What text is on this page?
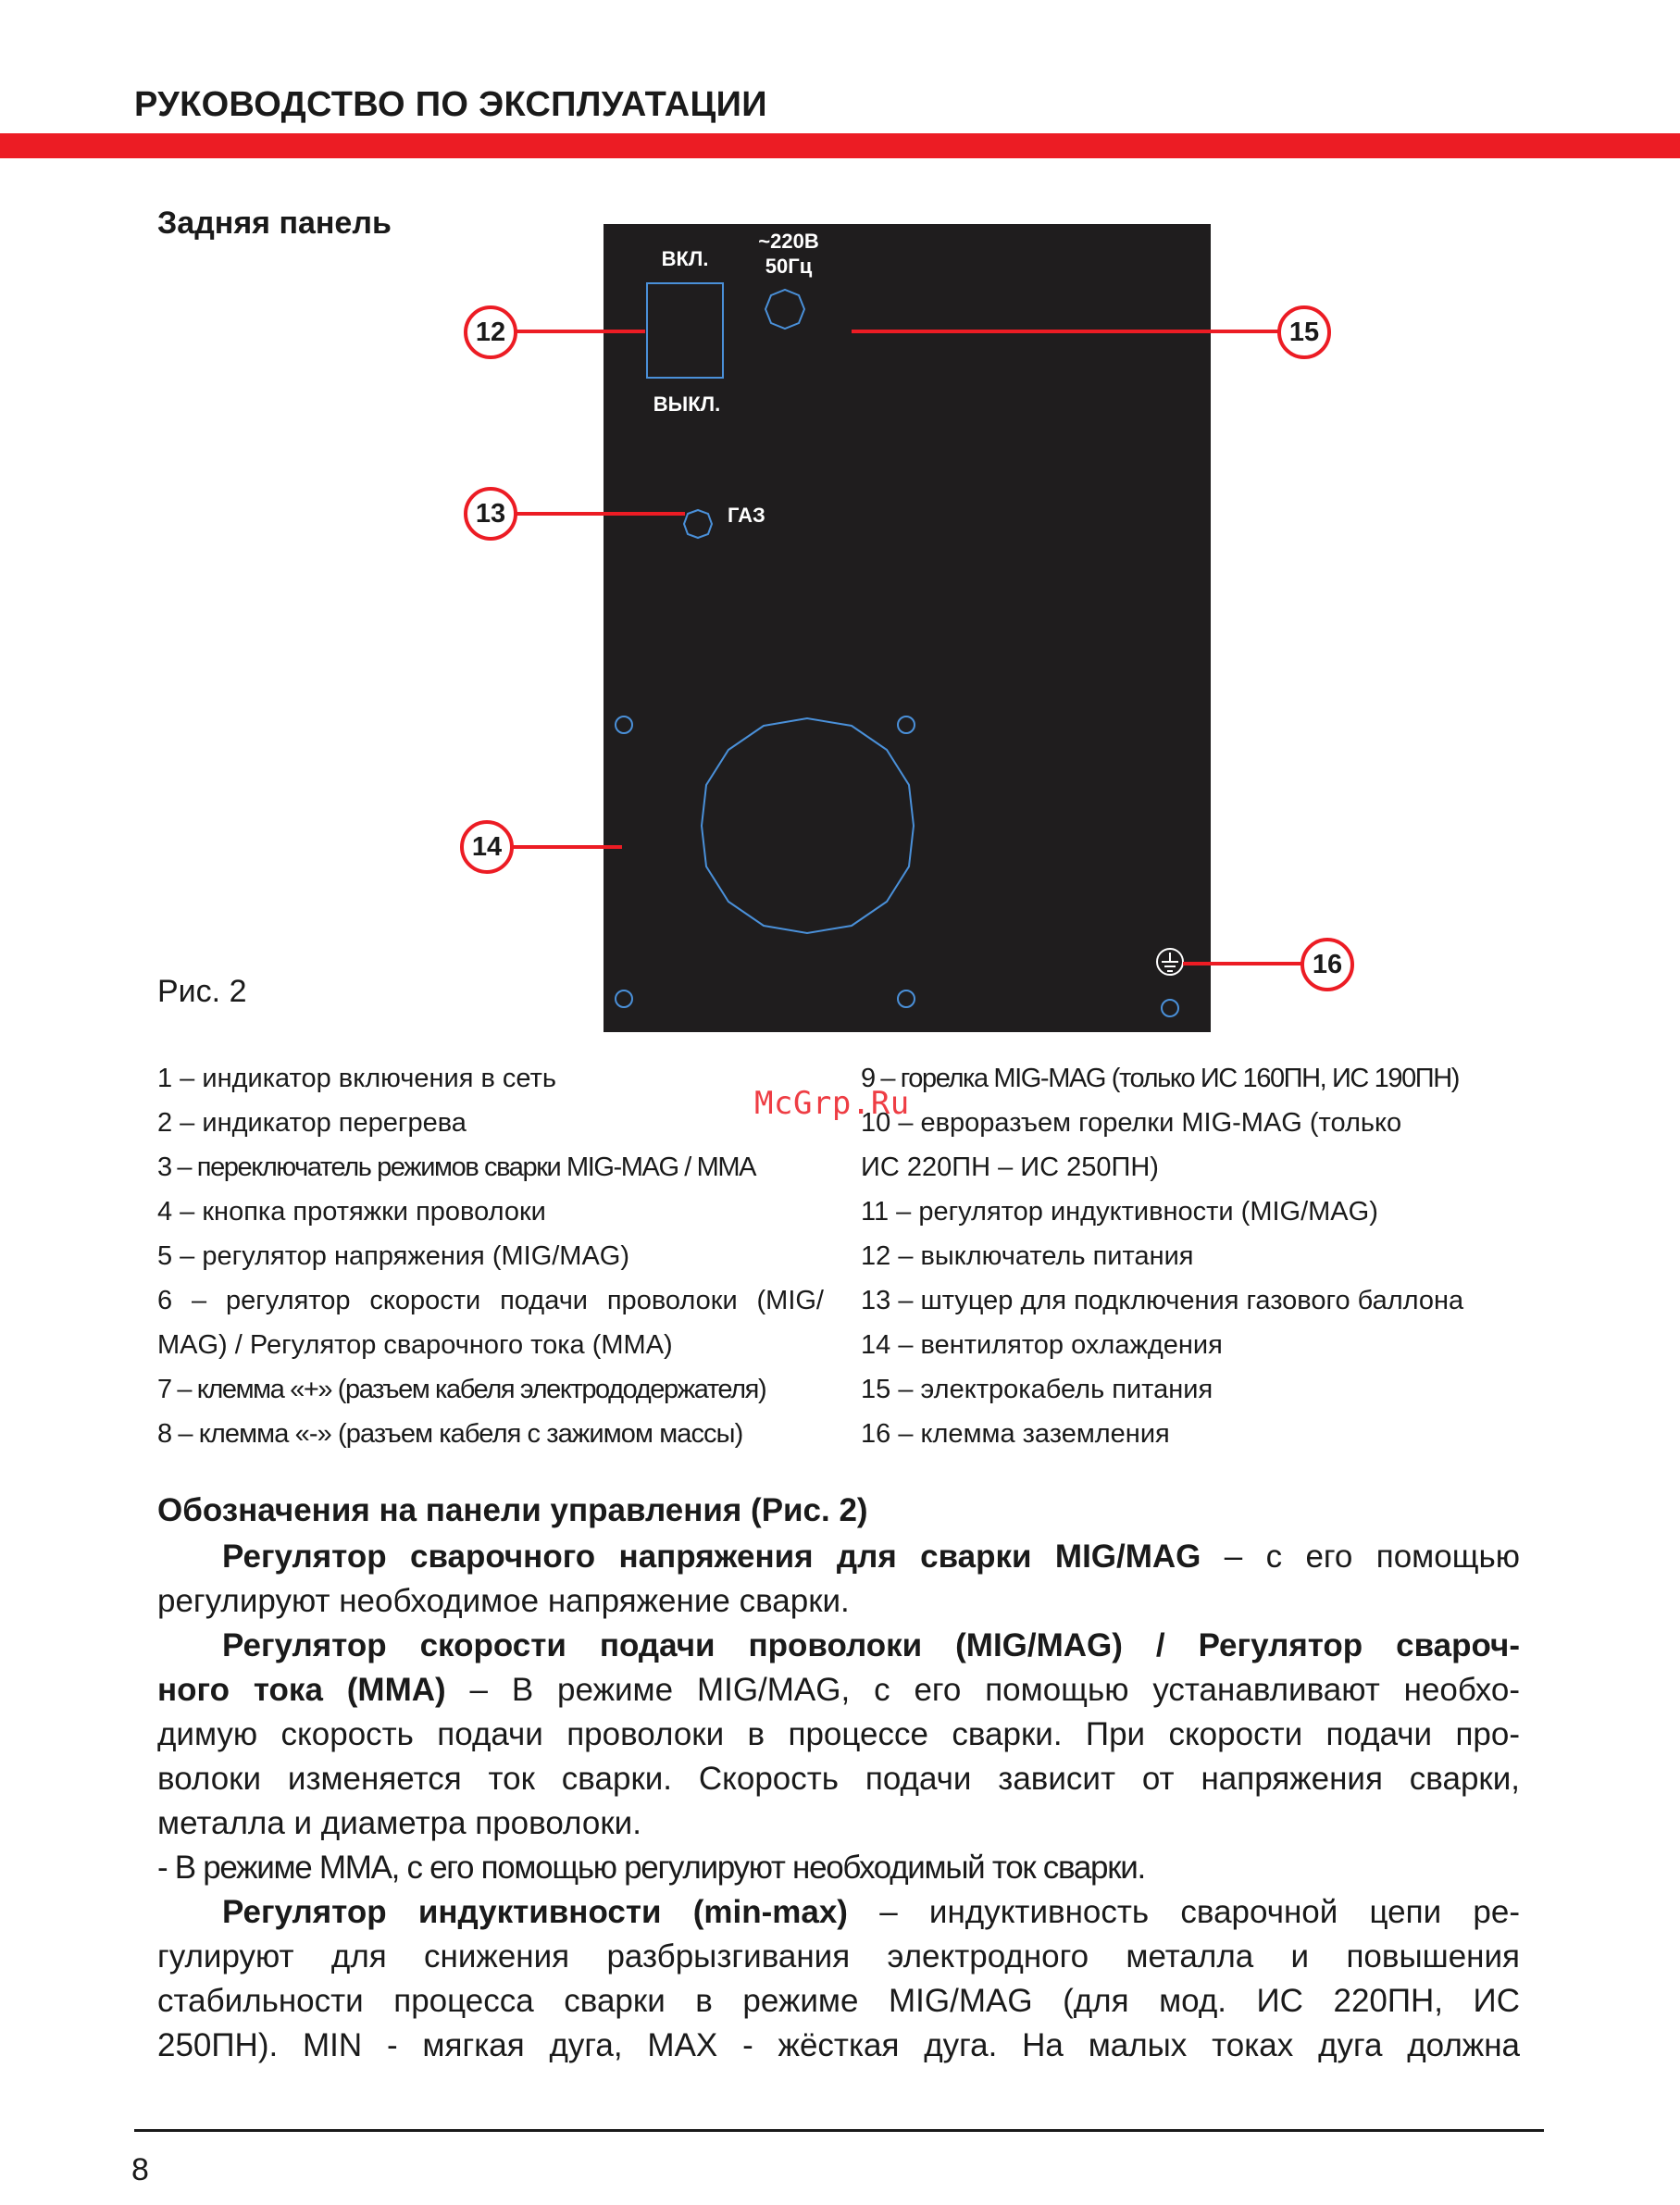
РУКОВОДСТВО ПО ЭКСПЛУАТАЦИИ
Задняя панель
ВКЛ.
ВЫКЛ.
~220В
50Гц
ГАЗ
12
13
14
15
16
Рис. 2
1 – индикатор включения в сеть
2 – индикатор перегрева
3 – переключатель режимов сварки MIG-MAG / MMA
4 – кнопка протяжки проволоки
5 – регулятор напряжения (MIG/MAG)
6 – регулятор скорости подачи проволоки (MIG/
MAG) / Регулятор сварочного тока (MMA)
7 – клемма «+» (разъем кабеля электрододержателя)
8 – клемма «-» (разъем кабеля с зажимом массы)
9 – горелка MIG-MAG (только ИС 160ПН, ИС 190ПН)
10 – евроразъем горелки MIG-MAG (только
ИС 220ПН – ИС 250ПН)
11 – регулятор индуктивности (MIG/MAG)
12 – выключатель питания
13 – штуцер для подключения газового баллона
14 – вентилятор охлаждения
15 – электрокабель питания
16 – клемма заземления
McGrp.Ru
Обозначения на панели управления (Рис. 2)
Регулятор сварочного напряжения для сварки MIG/MAG – с его помощью
регулируют необходимое напряжение сварки.
Регулятор скорости подачи проволоки (MIG/MAG) / Регулятор свароч-
ного тока (MMA) – В режиме MIG/MAG, с его помощью устанавливают необхо-
димую скорость подачи проволоки в процессе сварки. При скорости подачи про-
волоки изменяется ток сварки. Скорость подачи зависит от напряжения сварки,
металла и диаметра проволоки.
- В режиме MMA, с его помощью регулируют необходимый ток сварки.
Регулятор индуктивности (min-max) – индуктивность сварочной цепи ре-
гулируют для снижения разбрызгивания электродного металла и повышения
стабильности процесса сварки в режиме MIG/MAG (для мод. ИС 220ПН, ИС
250ПН). MIN - мягкая дуга, MAX - жёсткая дуга. На малых токах дуга должна
8
